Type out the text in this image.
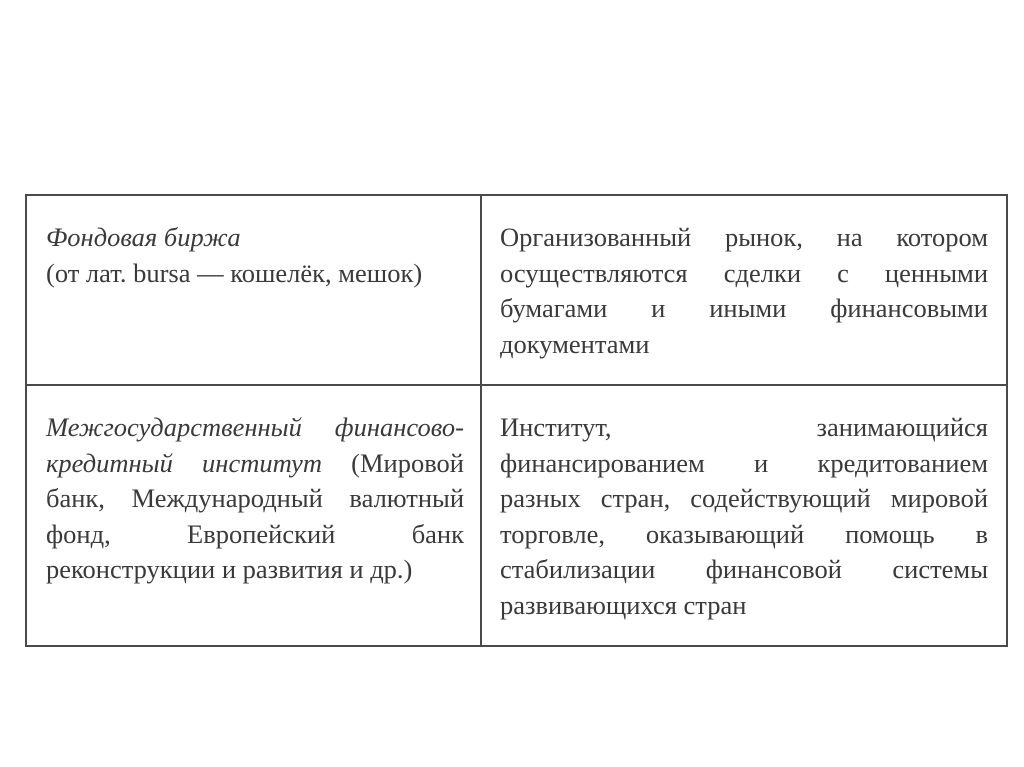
Фондовая биржа
(от лат. bursa — кошелёк, мешок)	Организованный рынок, на котором осуществляются сделки с ценными бумагами и иными финансовыми документами
Межгосударственный финансово-кредитный институт (Мировой банк, Международный валютный фонд, Европейский банк реконструкции и развития и др.)	Институт, занимающийся финансированием и кредитованием разных стран, содействующий мировой торговле, оказывающий помощь в стабилизации финансовой системы развивающихся стран
